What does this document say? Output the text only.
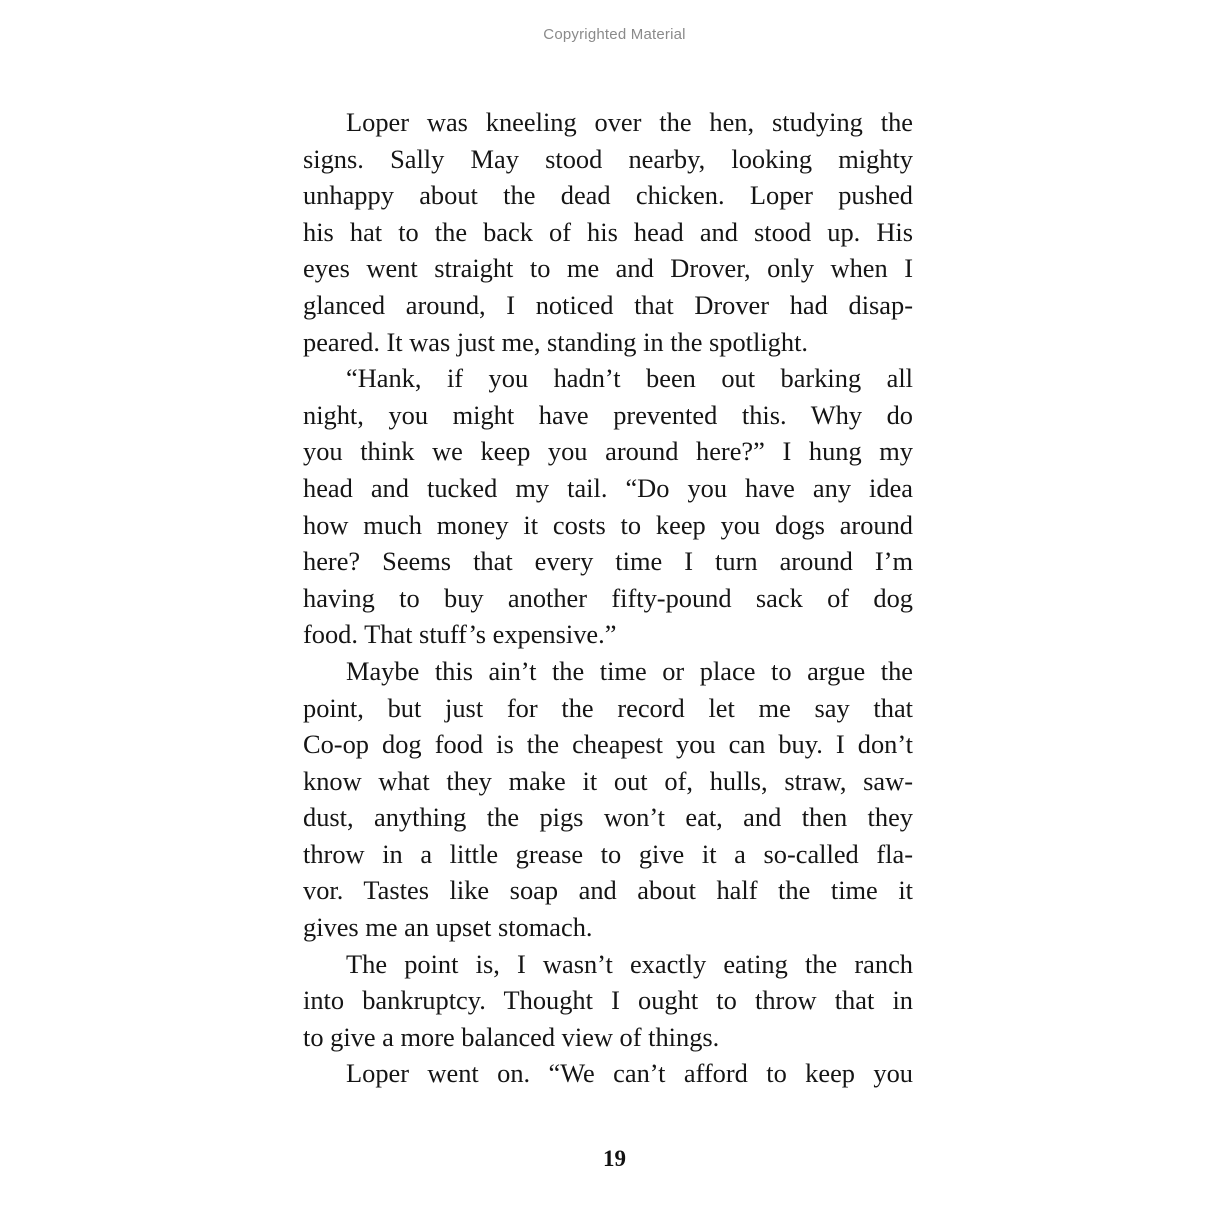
Copyrighted Material
Loper was kneeling over the hen, studying the
signs. Sally May stood nearby, looking mighty
unhappy about the dead chicken. Loper pushed
his hat to the back of his head and stood up. His
eyes went straight to me and Drover, only when I
glanced around, I noticed that Drover had disap-
peared. It was just me, standing in the spotlight.
“Hank, if you hadn’t been out barking all
night, you might have prevented this. Why do
you think we keep you around here?” I hung my
head and tucked my tail. “Do you have any idea
how much money it costs to keep you dogs around
here? Seems that every time I turn around I’m
having to buy another fifty-pound sack of dog
food. That stuff’s expensive.”
Maybe this ain’t the time or place to argue the
point, but just for the record let me say that
Co-op dog food is the cheapest you can buy. I don’t
know what they make it out of, hulls, straw, saw-
dust, anything the pigs won’t eat, and then they
throw in a little grease to give it a so-called fla-
vor. Tastes like soap and about half the time it
gives me an upset stomach.
The point is, I wasn’t exactly eating the ranch
into bankruptcy. Thought I ought to throw that in
to give a more balanced view of things.
Loper went on. “We can’t afford to keep you
19
